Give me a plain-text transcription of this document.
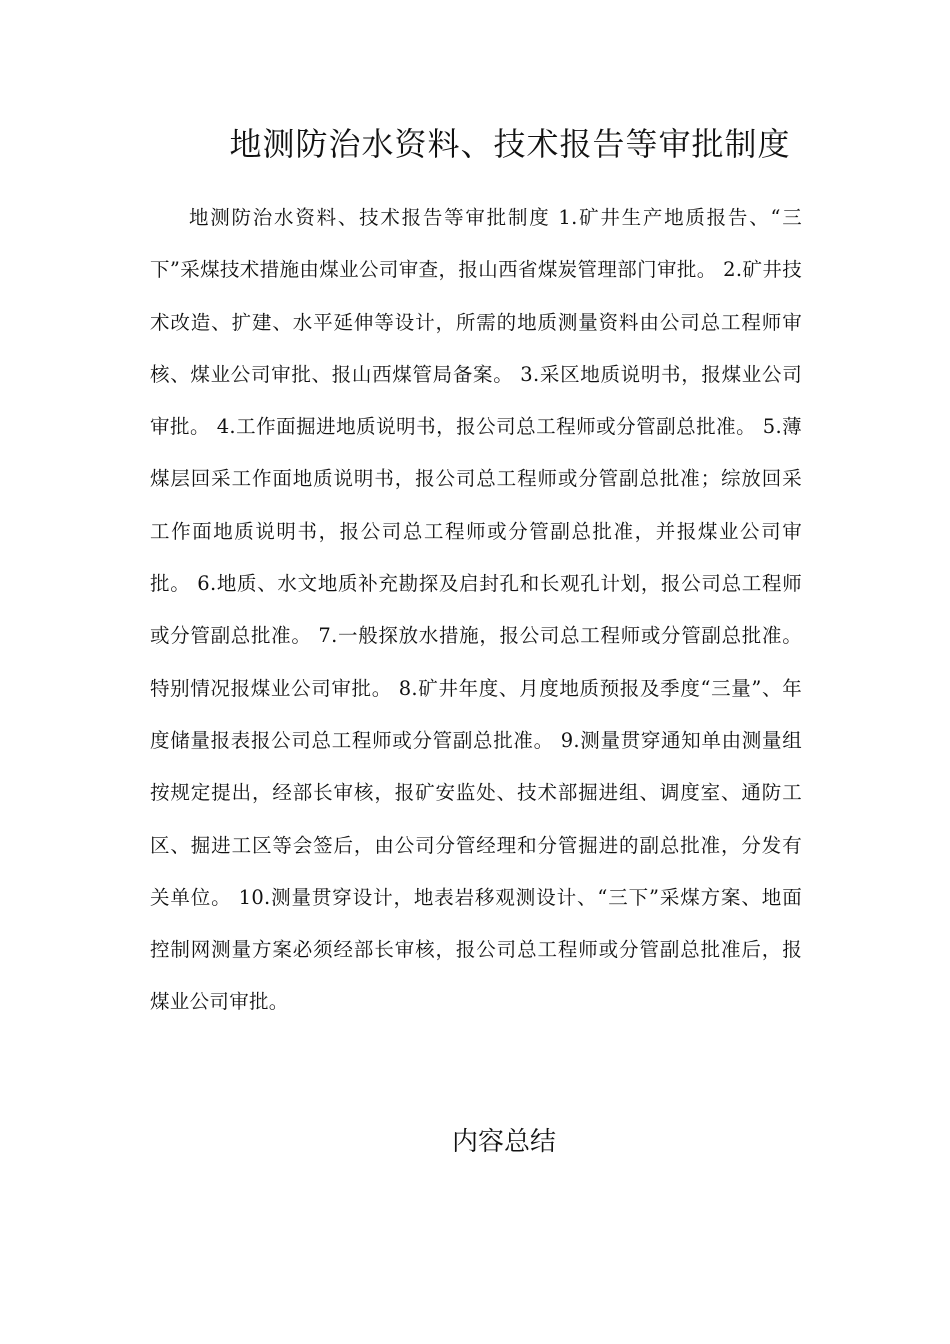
地测防治水资料、技术报告等审批制度

地测防治水资料、技术报告等审批制度 1.矿井生产地质报告、“三下”采煤技术措施由煤业公司审查，报山西省煤炭管理部门审批。 2.矿井技术改造、扩建、水平延伸等设计，所需的地质测量资料由公司总工程师审核、煤业公司审批、报山西煤管局备案。 3.采区地质说明书，报煤业公司审批。 4.工作面掘进地质说明书，报公司总工程师或分管副总批准。 5.薄煤层回采工作面地质说明书，报公司总工程师或分管副总批准；综放回采工作面地质说明书，报公司总工程师或分管副总批准，并报煤业公司审批。 6.地质、水文地质补充勘探及启封孔和长观孔计划，报公司总工程师或分管副总批准。 7.一般探放水措施，报公司总工程师或分管副总批准。特别情况报煤业公司审批。 8.矿井年度、月度地质预报及季度“三量”、年度储量报表报公司总工程师或分管副总批准。 9.测量贯穿通知单由测量组按规定提出，经部长审核，报矿安监处、技术部掘进组、调度室、通防工区、掘进工区等会签后，由公司分管经理和分管掘进的副总批准，分发有关单位。 10.测量贯穿设计，地表岩移观测设计、“三下”采煤方案、地面控制网测量方案必须经部长审核，报公司总工程师或分管副总批准后，报煤业公司审批。

内容总结
